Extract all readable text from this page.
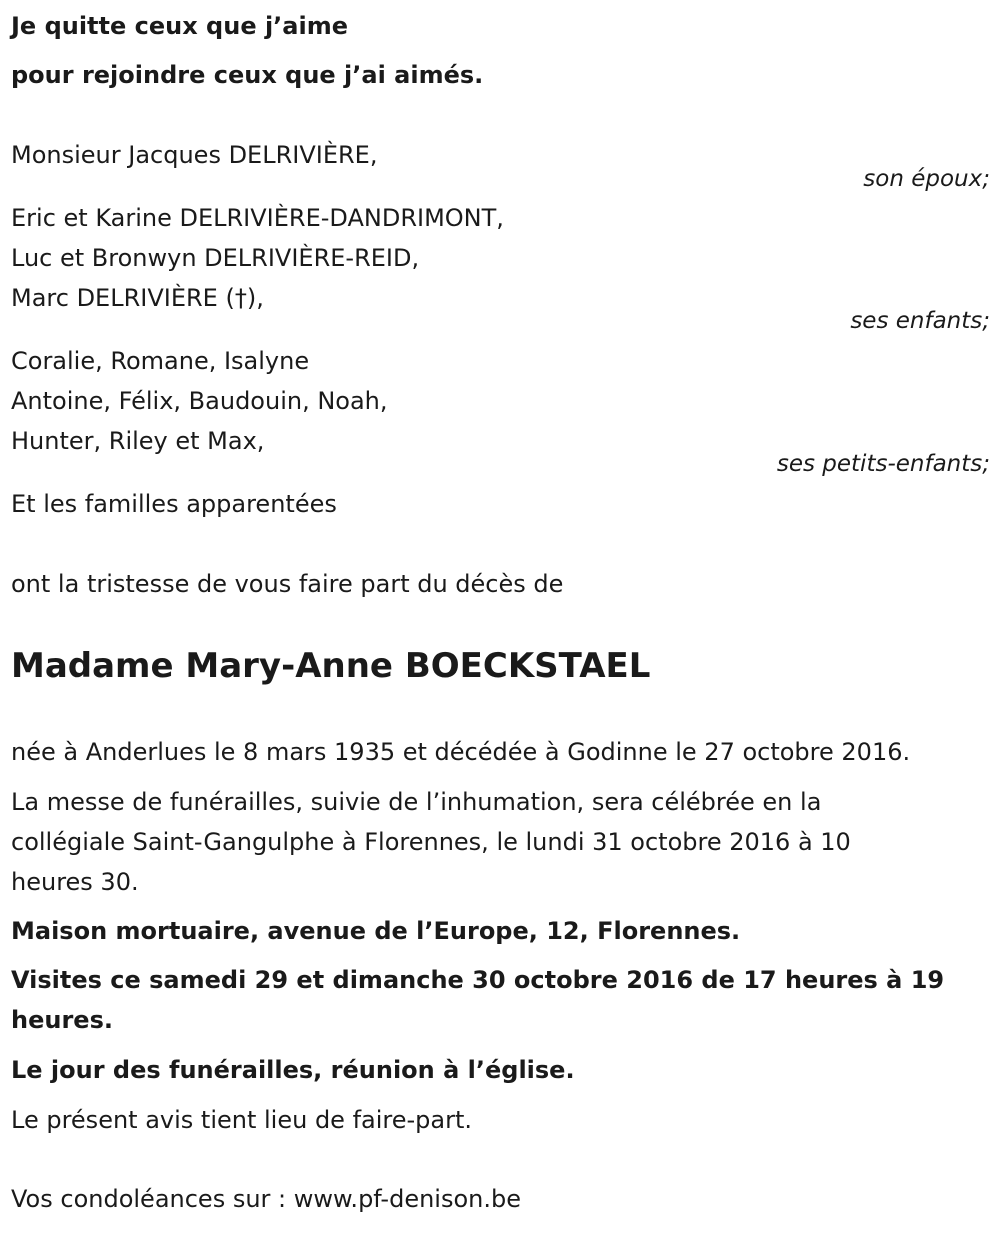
Je quitte ceux que j’aime
pour rejoindre ceux que j’ai aimés.
Monsieur Jacques DELRIVIÈRE,
son époux;
Eric et Karine DELRIVIÈRE-DANDRIMONT,
Luc et Bronwyn DELRIVIÈRE-REID,
Marc DELRIVIÈRE (†),
ses enfants;
Coralie, Romane, Isalyne
Antoine, Félix, Baudouin, Noah,
Hunter, Riley et Max,
ses petits-enfants;
Et les familles apparentées
ont la tristesse de vous faire part du décès de
Madame Mary-Anne BOECKSTAEL
née à Anderlues le 8 mars 1935 et décédée à Godinne le 27 octobre 2016.
La messe de funérailles, suivie de l’inhumation, sera célébrée en la
collégiale Saint-Gangulphe à Florennes, le lundi 31 octobre 2016 à 10
heures 30.
Maison mortuaire, avenue de l’Europe, 12, Florennes.
Visites ce samedi 29 et dimanche 30 octobre 2016 de 17 heures à 19
heures.
Le jour des funérailles, réunion à l’église.
Le présent avis tient lieu de faire-part.
Vos condoléances sur : www.pf-denison.be
